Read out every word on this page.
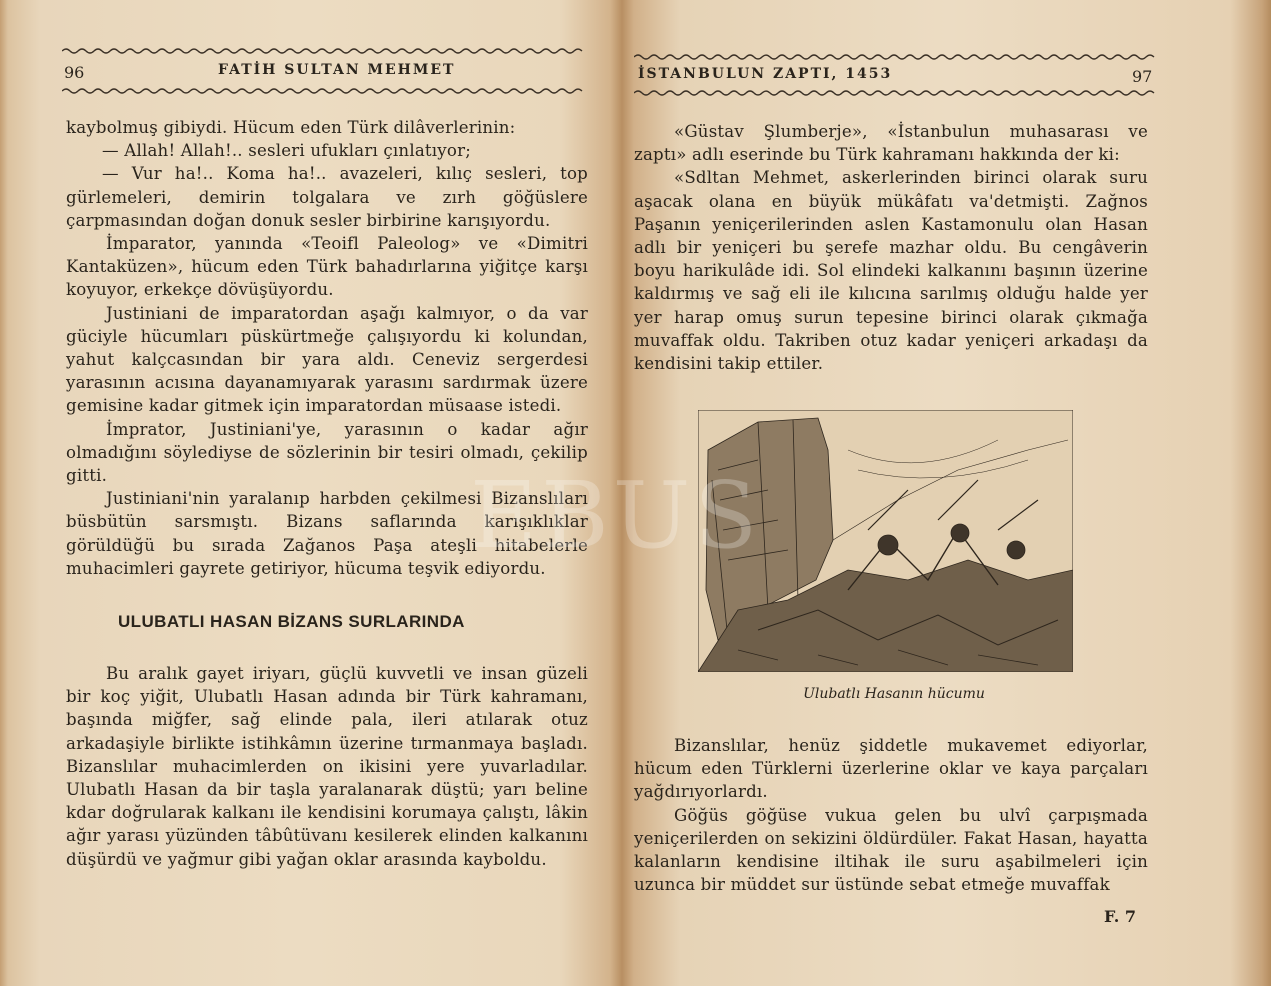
96	FATİH SULTAN MEHMET

kaybolmuş gibiydi. Hücum eden Türk dilâverlerinin:

— Allah! Allah!.. sesleri ufukları çınlatıyor;

— Vur ha!.. Koma ha!.. avazeleri, kılıç sesleri, top gürlemeleri, demirin tolgalara ve zırh göğüslere çarpmasından doğan donuk sesler birbirine karışıyordu.

İmparator, yanında «Teoifl Paleolog» ve «Dimitri Kantaküzen», hücum eden Türk bahadırlarına yiğitçe karşı koyuyor, erkekçe dövüşüyordu.

Justiniani de imparatordan aşağı kalmıyor, o da var güciyle hücumları püskürtmeğe çalışıyordu ki kolundan, yahut kalçcasından bir yara aldı. Ceneviz sergerdesi yarasının acısına dayanamıyarak yarasını sardırmak üzere gemisine kadar gitmek için imparatordan müsaase istedi.

İmprator, Justiniani'ye, yarasının o kadar ağır olmadığını söylediyse de sözlerinin bir tesiri olmadı, çekilip gitti.

Justiniani'nin yaralanıp harbden çekilmesi Bizanslıları büsbütün sarsmıştı. Bizans saflarında karışıklıklar görüldüğü bu sırada Zağanos Paşa ateşli hitabelerle muhacimleri gayrete getiriyor, hücuma teşvik ediyordu.

ULUBATLI HASAN BİZANS SURLARINDA

Bu aralık gayet iriyarı, güçlü kuvvetli ve insan güzeli bir koç yiğit, Ulubatlı Hasan adında bir Türk kahramanı, başında miğfer, sağ elinde pala, ileri atılarak otuz arkadaşiyle birlikte istihkâmın üzerine tırmanmaya başladı. Bizanslılar muhacimlerden on ikisini yere yuvarladılar. Ulubatlı Hasan da bir taşla yaralanarak düştü; yarı beline kdar doğrularak kalkanı ile kendisini korumaya çalıştı, lâkin ağır yarası yüzünden tâbûtüvanı kesilerek elinden kalkanını düşürdü ve yağmur gibi yağan oklar arasında kayboldu.

İSTANBULUN ZAPTI, 1453	97

«Güstav Şlumberje», «İstanbulun muhasarası ve zaptı» adlı eserinde bu Türk kahramanı hakkında der ki:

«Sdltan Mehmet, askerlerinden birinci olarak suru aşacak olana en büyük mükâfatı va'detmişti. Zağnos Paşanın yeniçerilerinden aslen Kastamonulu olan Hasan adlı bir yeniçeri bu şerefe mazhar oldu. Bu cengâverin boyu harikulâde idi. Sol elindeki kalkanını başının üzerine kaldırmış ve sağ eli ile kılıcına sarılmış olduğu halde yer yer harap omuş surun tepesine birinci olarak çıkmağa muvaffak oldu. Takriben otuz kadar yeniçeri arkadaşı da kendisini takip ettiler.

Bizanslılar, henüz şiddetle mukavemet ediyorlar, hücum eden Türklerni üzerlerine oklar ve kaya parçaları yağdırıyorlardı.

Göğüs göğüse vukua gelen bu ulvî çarpışmada yeniçerilerden on sekizini öldürdüler. Fakat Hasan, hayatta kalanların kendisine iltihak ile suru aşabilmeleri için uzunca bir müddet sur üstünde sebat etmeğe muvaffak

Ulubatlı Hasanın hücumu
F. 7
EBUS
